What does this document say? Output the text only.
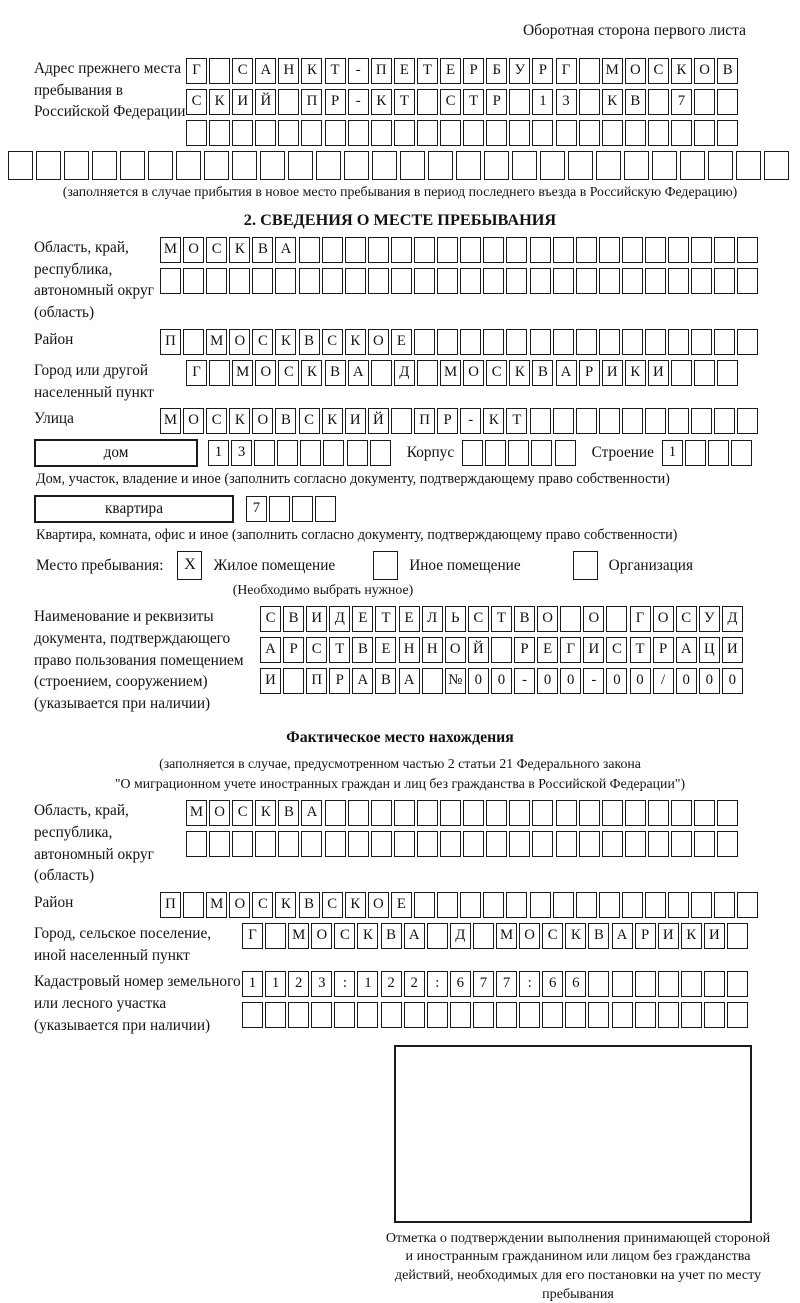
Оборотная сторона первого листа
Адрес прежнего места пребывания в Российской Федерации
Г	С А Н К Т	-	П Е Т Е Р Б У Р Г	М О С К О В
С К И Й	П Р	-	К Т	С Т Р	1	3	К В	7
(заполняется в случае прибытия в новое место пребывания в период последнего въезда в Российскую Федерацию)
2. СВЕДЕНИЯ О МЕСТЕ ПРЕБЫВАНИЯ
Область, край, республика, автономный округ (область)
М О С К В А
Район	П	М О С К В С К О Е
Город или другой населенный пункт
Г	М О С К В А	Д	М О С К В А Р И К И
Улица	М О С К О В С К И Й	П Р	-	К Т
дом	1	3	Корпус	Строение 1
Дом, участок, владение и иное (заполнить согласно документу, подтверждающему право собственности)
квартира	7
Квартира, комната, офис и иное (заполнить согласно документу, подтверждающему право собственности)
Место пребывания:	X	Жилое помещение	Иное помещение	Организация
(Необходимо выбрать нужное)
Наименование и реквизиты документа, подтверждающего право пользования помещением (строением, сооружением) (указывается при наличии)
С В И Д Е Т Е Л Ь С Т В О	О	Г О С У Д
А Р С Т В Е Н Н О Й	Р Е Г И С Т Р А Ц И
И	П Р А В А	№ 0	0	-	0	0	-	0	0	/	0	0	0
Фактическое место нахождения
(заполняется в случае, предусмотренном частью 2 статьи 21 Федерального закона
"О миграционном учете иностранных граждан и лиц без гражданства в Российской Федерации")
Область, край, республика, автономный округ (область)
М О С К В А
Район	П	М О С К В С К О Е
Город, сельское поселение, иной населенный пункт
Г	М О С К В А	Д	М О С К В А Р И К И
Кадастровый номер земельного или лесного участка (указывается при наличии)
1	1	2	3	:	1	2	2	:	6	7	7	:	6	6
Отметка о подтверждении выполнения принимающей стороной и иностранным гражданином или лицом без гражданства действий, необходимых для его постановки на учет по месту пребывания
